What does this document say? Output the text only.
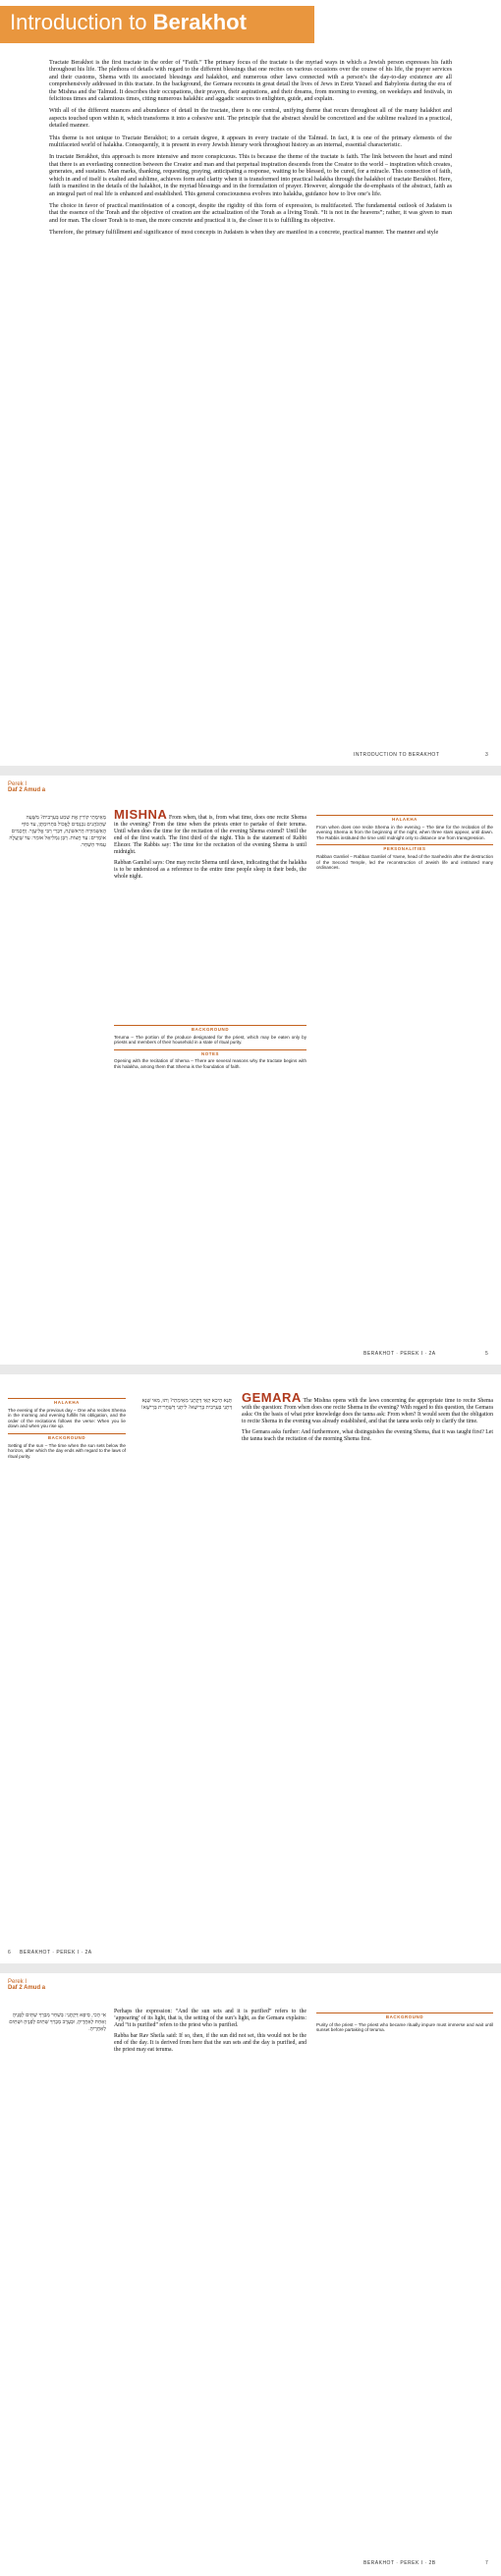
Introduction to Berakhot

Tractate Berakhot is the first tractate in the order of “Faith.” The primary focus of the tractate is the myriad ways in which a Jewish person expresses his faith throughout his life. The plethora of details with regard to the different blessings that one recites on various occasions over the course of his life, the prayer services and their customs, Shema with its associated blessings and halakhot, and numerous other laws connected with a person’s the day-to-day existence are all comprehensively addressed in this tractate. In the background, the Gemara recounts in great detail the lives of Jews in Eretz Yisrael and Babylonia during the era of the Mishna and the Talmud. It describes their occupations, their prayers, their aspirations, and their dreams, from morning to evening, on weekdays and festivals, in felicitous times and calamitous times, citing numerous halakhic and aggadic sources to enlighten, guide, and explain.

With all of the different nuances and abundance of detail in the tractate, there is one central, unifying theme that recurs throughout all of the many halakhot and aspects touched upon within it, which transforms it into a cohesive unit. The principle that the abstract should be concretized and the sublime realized in a practical, detailed manner.

This theme is not unique to Tractate Berakhot; to a certain degree, it appears in every tractate of the Talmud. In fact, it is one of the primary elements of the multifaceted world of halakha. Consequently, it is present in every Jewish literary work throughout history as an internal, essential characteristic.

In tractate Berakhot, this approach is more intensive and more conspicuous. This is because the theme of the tractate is faith. The link between the heart and mind that there is an everlasting connection between the Creator and man and that perpetual inspiration descends from the Creator to the world – inspiration which creates, generates, and sustains. Man marks, thanking, requesting, praying, anticipating a response, waiting to be blessed, to be cured, for a miracle. This connection of faith, which in and of itself is exalted and sublime, achieves form and clarity when it is transformed into practical halakha through the halakhot of tractate Berakhot. Here, faith is manifest in the details of the halakhot, in the myriad blessings and in the formulation of prayer. However, alongside the de-emphasis of the abstract, faith as an integral part of real life is enhanced and established. This general consciousness evolves into halakha, guidance how to live one’s life.

The choice in favor of practical manifestation of a concept, despite the rigidity of this form of expression, is multifaceted. The fundamental outlook of Judaism is that the essence of the Torah and the objective of creation are the actualization of the Torah as a living Torah. “It is not in the heavens”; rather, it was given to man and for man. The closer Torah is to man, the more concrete and practical it is, the closer it is to fulfilling its objective.

Therefore, the primary fulfillment and significance of most concepts in Judaism is when they are manifest in a concrete, practical manner. The manner and style

INTRODUCTION TO BERAKHOT	3
Perek I
Daf 2 Amud a
מֵאֵימָתַי קוֹרִין אֶת שְׁמַע בְּעַרְבִית? מִשָּׁעָה שֶׁהַכֹּהֲנִים נִכְנָסִים לֶאֱכוֹל בִּתְרוּמָתָן, עַד סוֹף הָאַשְׁמוּרָה הָרִאשׁוֹנָה, דִּבְרֵי רַבִּי אֱלִיעֶזֶר. וַחֲכָמִים אוֹמְרִים: עַד חֲצוֹת. רַבָּן גַּמְלִיאֵל אוֹמֵר: עַד שֶׁיַּעֲלֶה עַמּוּד הַשַּׁחַר.

MISHNA From when, that is, from what time, does one recite Shema in the evening? From the time when the priests enter to partake of their teruma. Until when does the time for the recitation of the evening Shema extend? Until the end of the first watch. The first third of the night. This is the statement of Rabbi Eliezer. The Rabbis say: The time for the recitation of the evening Shema is until midnight.

Rabban Gamliel says: One may recite Shema until dawn, indicating that the halakha is to be understood as a reference to the entire time people sleep in their beds, the whole night.

HALAKHA

From when does one recite Shema in the evening – The time for the recitation of the evening Shema is from the beginning of the night, when three stars appear, until dawn. The Rabbis instituted the time until midnight only to distance one from transgression.

PERSONALITIES

Rabban Gamliel – Rabban Gamliel of Yavne, head of the Sanhedrin after the destruction of the Second Temple, led the reconstruction of Jewish life and instituted many ordinances.

BACKGROUND

Teruma – The portion of the produce designated for the priest, which may be eaten only by priests and members of their household in a state of ritual purity.

NOTES

Opening with the recitation of Shema – There are several reasons why the tractate begins with this halakha, among them that Shema is the foundation of faith.

BERAKHOT · PEREK I · 2A	5
HALAKHA

The evening of the previous day – One who recites Shema in the morning and evening fulfills his obligation, and the order of the recitations follows the verse: When you lie down and when you rise up.

BACKGROUND

Setting of the sun – The time when the sun sets below the horizon, after which the day ends with regard to the laws of ritual purity.

תָּנָא הֵיכָא קָאֵי דְּקָתָנֵי מֵאֵימָתַי? וְתוּ, מַאי שְׁנָא דְּתָנֵי בְּעַרְבִית בְּרֵישָׁא? לִיתְנֵי דְּשַׁחֲרִית בְּרֵישָׁא!

GEMARA The Mishna opens with the laws concerning the appropriate time to recite Shema with the question: From when does one recite Shema in the evening? With regard to this question, the Gemara asks: On the basis of what prior knowledge does the tanna ask: From when? It would seem that the obligation to recite Shema in the evening was already established, and that the tanna seeks only to clarify the time.

The Gemara asks further: And furthermore, what distinguishes the evening Shema, that it was taught first? Let the tanna teach the recitation of the morning Shema first.

BERAKHOT · PEREK I · 2A
6
Perek I
Daf 2 Amud a
אִי הָכִי, סֵיפָא דְּקָתָנֵי: בְּשַׁחַר מְבָרֵךְ שְׁתַּיִם לְפָנֶיהָ וְאַחַת לְאַחֲרֶיהָ, וּבָעֶרֶב מְבָרֵךְ שְׁתַּיִם לְפָנֶיהָ וּשְׁתַּיִם לְאַחֲרֶיהָ.

Perhaps the expression: “And the sun sets and it is purified” refers to the ‘appearing’ of its light, that is, the setting of the sun’s light, as the Gemara explains: And “it is purified” refers to the priest who is purified.

Rabba bar Rav Sheila said: If so, then, if the sun did not set, this would not be the end of the day. It is derived from here that the sun sets and the day is purified, and the priest may eat teruma.

BACKGROUND

Purity of the priest – The priest who became ritually impure must immerse and wait until sunset before partaking of teruma.

BERAKHOT · PEREK I · 2B	7
